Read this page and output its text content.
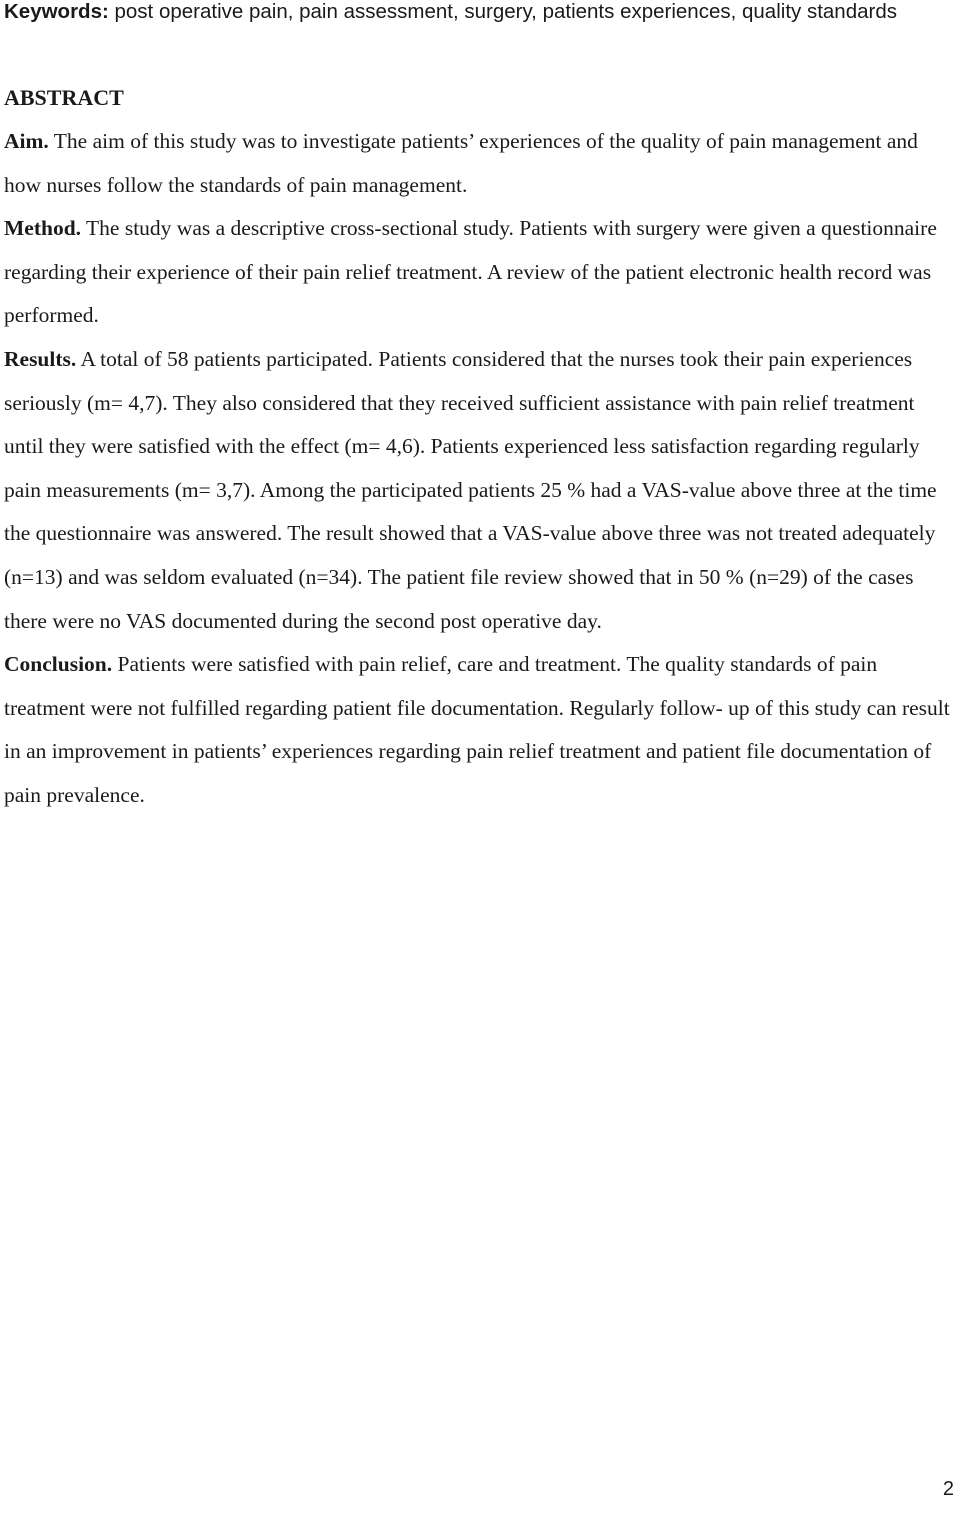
Keywords: post operative pain, pain assessment, surgery, patients experiences, quality standards

ABSTRACT
Aim. The aim of this study was to investigate patients’ experiences of the quality of pain management and how nurses follow the standards of pain management.
Method. The study was a descriptive cross-sectional study. Patients with surgery were given a questionnaire regarding their experience of their pain relief treatment. A review of the patient electronic health record was performed.
Results. A total of 58 patients participated. Patients considered that the nurses took their pain experiences seriously (m= 4,7). They also considered that they received sufficient assistance with pain relief treatment until they were satisfied with the effect (m= 4,6). Patients experienced less satisfaction regarding regularly pain measurements (m= 3,7). Among the participated patients 25 % had a VAS-value above three at the time the questionnaire was answered. The result showed that a VAS-value above three was not treated adequately (n=13) and was seldom evaluated (n=34). The patient file review showed that in 50 % (n=29) of the cases there were no VAS documented during the second post operative day.
Conclusion. Patients were satisfied with pain relief, care and treatment. The quality standards of pain treatment were not fulfilled regarding patient file documentation. Regularly follow- up of this study can result in an improvement in patients’ experiences regarding pain relief treatment and patient file documentation of pain prevalence.
2
